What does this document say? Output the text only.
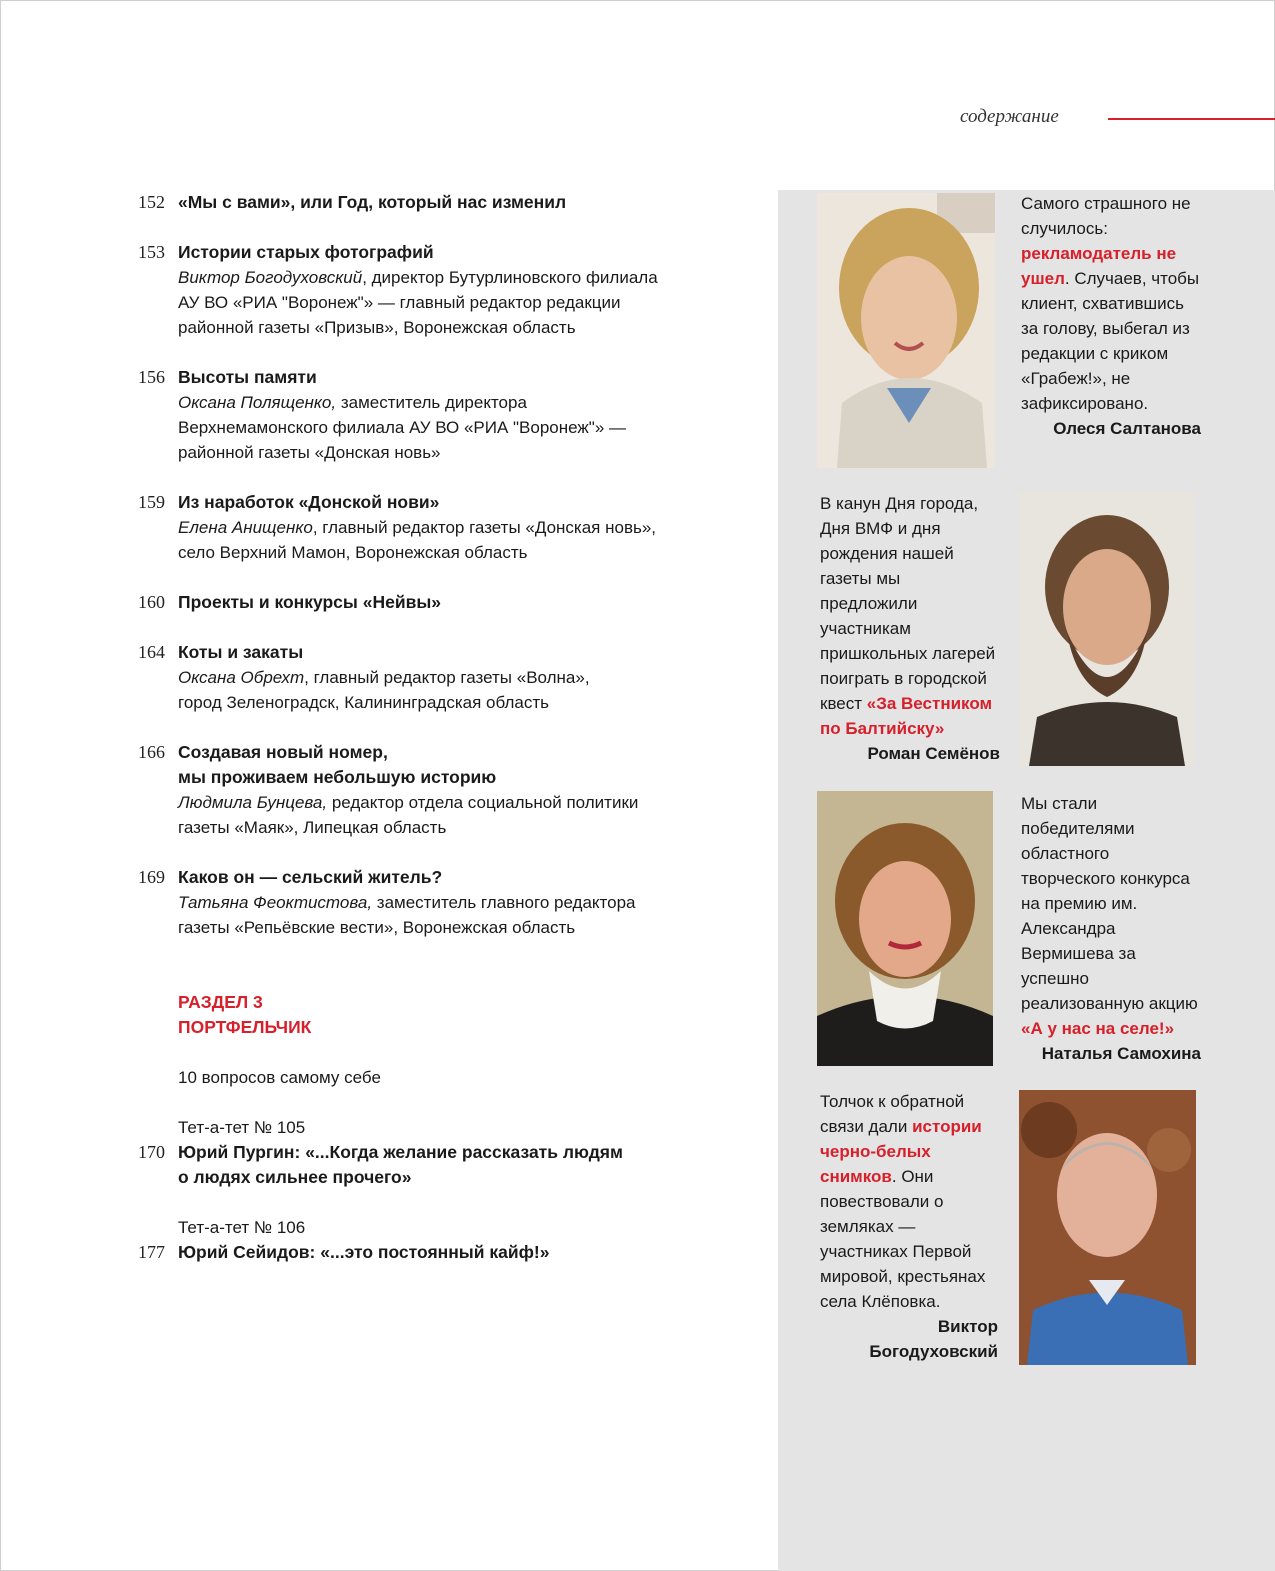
содержание
152 «Мы с вами», или Год, который нас изменил

153 Истории старых фотографий

Виктор Богодуховский, директор Бутурлиновского филиала

АУ ВО «РИА "Воронеж"» — главный редактор редакции

районной газеты «Призыв», Воронежская область

156 Высоты памяти

Оксана Полященко, заместитель директора

Верхнемамонского филиала АУ ВО «РИА "Воронеж"» —

районной газеты «Донская новь»

159 Из наработок «Донской нови»

Елена Анищенко, главный редактор газеты «Донская новь»,

село Верхний Мамон, Воронежская область

160 Проекты и конкурсы «Нейвы»

164 Коты и закаты

Оксана Обрехт, главный редактор газеты «Волна»,

город Зеленоградск, Калининградская область

166 Создавая новый номер,

мы проживаем небольшую историю

Людмила Бунцева, редактор отдела социальной политики

газеты «Маяк», Липецкая область

169 Каков он — сельский житель?

Татьяна Феоктистова, заместитель главного редактора

газеты «Репьёвские вести», Воронежская область

РАЗДЕЛ 3

ПОРТФЕЛЬЧИК

10 вопросов самому себе

Тет-а-тет № 105

170 Юрий Пургин: «...Когда желание рассказать людям

о людях сильнее прочего»

Тет-а-тет № 106

177 Юрий Сейидов: «...это постоянный кайф!»

Самого страшного не случилось: рекламодатель не ушел. Случаев, чтобы клиент, схватившись за голову, выбегал из редакции с криком «Грабеж!», не зафиксировано.
Олеся Салтанова
В канун Дня города, Дня ВМФ и дня рождения нашей газеты мы предложили участникам пришкольных лагерей поиграть в городской квест «За Вестником по Балтийску»
Роман Семёнов
Мы стали победителями областного творческого конкурса на премию им. Александра Вермишева за успешно реализованную акцию «А у нас на селе!»
Наталья Самохина
Толчок к обратной связи дали истории черно-белых снимков. Они повествовали о земляках — участниках Первой мировой, крестьянах села Клёповка.
Виктор Богодуховский
